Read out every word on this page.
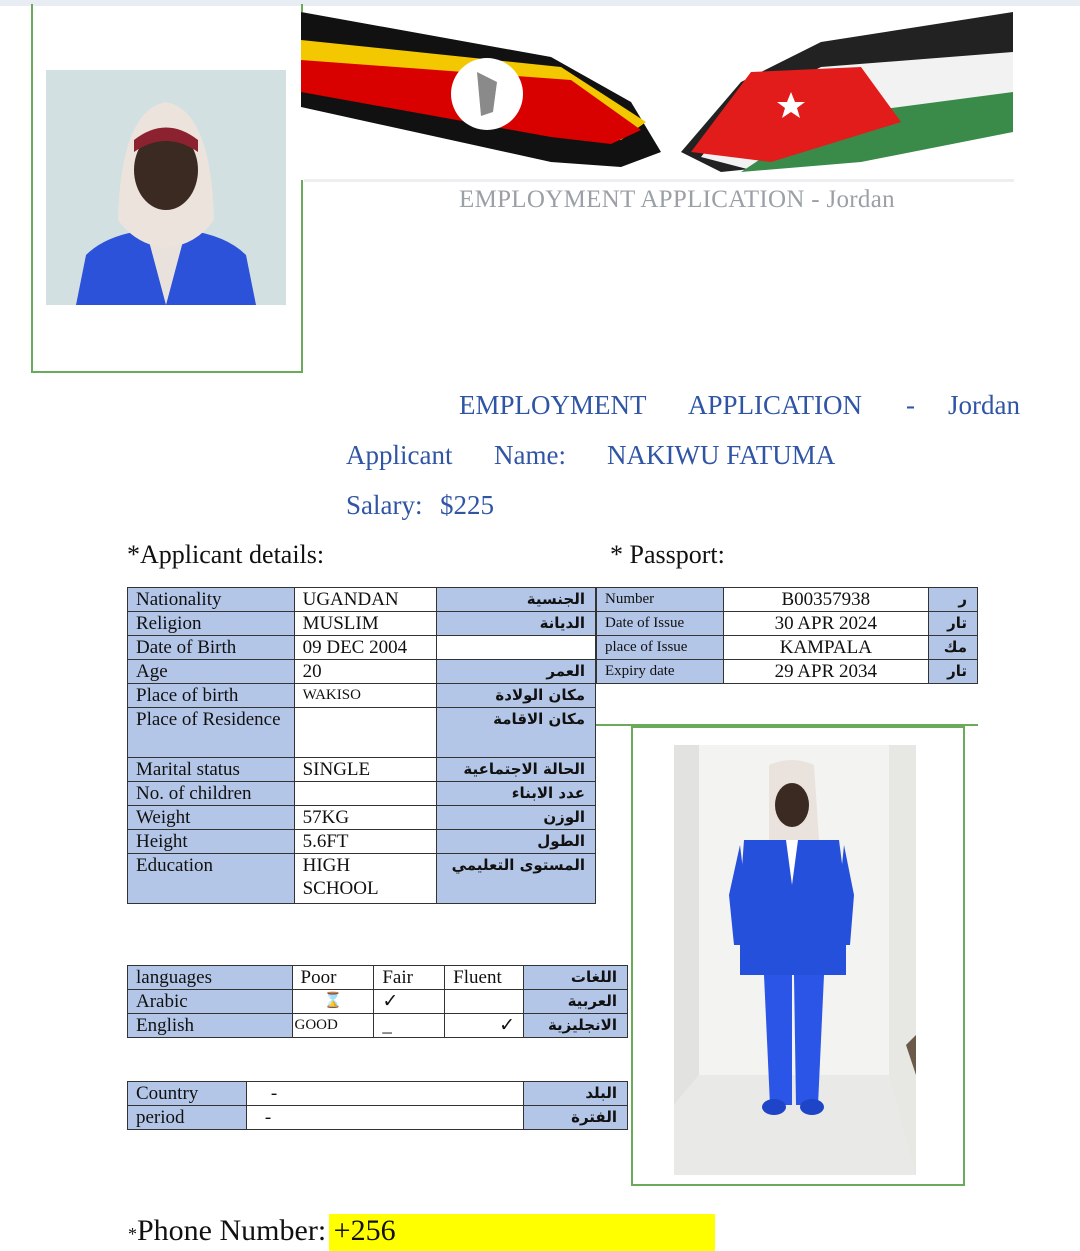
EMPLOYMENT APPLICATION - Jordan
EMPLOYMENT APPLICATION - Jordan
Applicant Name: NAKIWU FATUMA
Salary: $225
*Applicant details:	* Passport:
Nationality	UGANDAN	الجنسية
Religion	MUSLIM	الديانة
Date of Birth	09 DEC 2004	
Age	20	العمر
Place of birth	WAKISO	مكان الولادة
Place of Residence		مكان الاقامة
Marital status	SINGLE	الحالة الاجتماعية
No. of children		عدد الابناء
Weight	57KG	الوزن
Height	5.6FT	الطول
Education	HIGH SCHOOL	المستوى التعليمي
Number	B00357938	ر
Date of Issue	30 APR 2024	تار
place of Issue	KAMPALA	مك
Expiry date	29 APR 2034	تار
languages	Poor	Fair	Fluent	اللغات
Arabic	⌛	✓		العربية
English	GOOD	_	✓	الانجليزية
Country	-	البلد
period	-	الفترة
*Phone Number: +256
